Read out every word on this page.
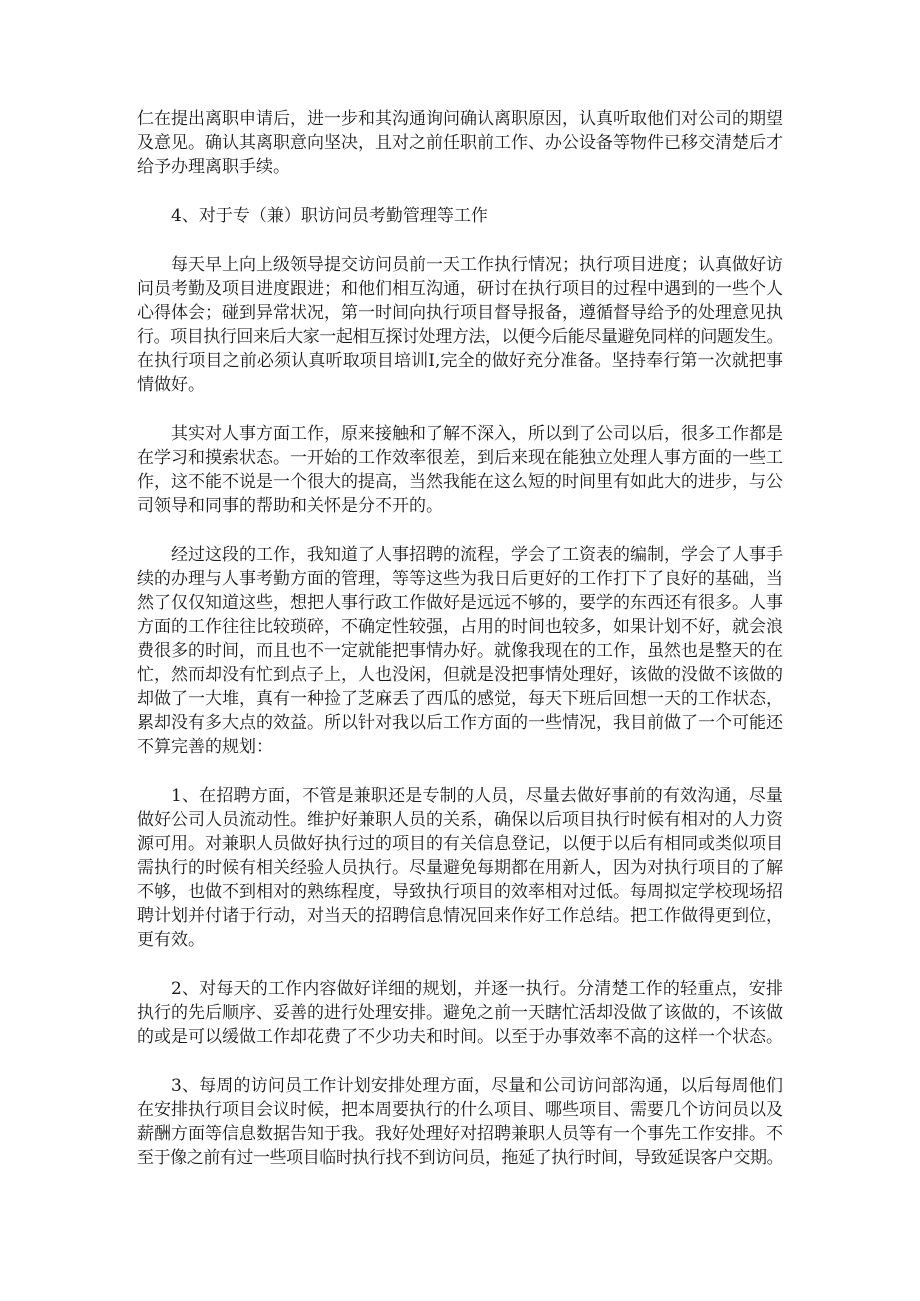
仁在提出离职申请后，进一步和其沟通询问确认离职原因，认真听取他们对公司的期望
及意见。确认其离职意向坚决，且对之前任职前工作、办公设备等物件已移交清楚后才
给予办理离职手续。
4、对于专（兼）职访问员考勤管理等工作
每天早上向上级领导提交访问员前一天工作执行情况；执行项目进度；认真做好访
问员考勤及项目进度跟进；和他们相互沟通，研讨在执行项目的过程中遇到的一些个人
心得体会；碰到异常状况，第一时间向执行项目督导报备，遵循督导给予的处理意见执
行。项目执行回来后大家一起相互探讨处理方法，以便今后能尽量避免同样的问题发生。
在执行项目之前必须认真听取项目培训I,完全的做好充分准备。坚持奉行第一次就把事
情做好。
其实对人事方面工作，原来接触和了解不深入，所以到了公司以后，很多工作都是
在学习和摸索状态。一开始的工作效率很差，到后来现在能独立处理人事方面的一些工
作，这不能不说是一个很大的提高，当然我能在这么短的时间里有如此大的进步，与公
司领导和同事的帮助和关怀是分不开的。
经过这段的工作，我知道了人事招聘的流程，学会了工资表的编制，学会了人事手
续的办理与人事考勤方面的管理，等等这些为我日后更好的工作打下了良好的基础，当
然了仅仅知道这些，想把人事行政工作做好是远远不够的，要学的东西还有很多。人事
方面的工作往往比较琐碎，不确定性较强，占用的时间也较多，如果计划不好，就会浪
费很多的时间，而且也不一定就能把事情办好。就像我现在的工作，虽然也是整天的在
忙，然而却没有忙到点子上，人也没闲，但就是没把事情处理好，该做的没做不该做的
却做了一大堆，真有一种捡了芝麻丢了西瓜的感觉，每天下班后回想一天的工作状态，
累却没有多大点的效益。所以针对我以后工作方面的一些情况，我目前做了一个可能还
不算完善的规划：
1、在招聘方面，不管是兼职还是专制的人员，尽量去做好事前的有效沟通，尽量
做好公司人员流动性。维护好兼职人员的关系，确保以后项目执行时候有相对的人力资
源可用。对兼职人员做好执行过的项目的有关信息登记，以便于以后有相同或类似项目
需执行的时候有相关经验人员执行。尽量避免每期都在用新人，因为对执行项目的了解
不够，也做不到相对的熟练程度，导致执行项目的效率相对过低。每周拟定学校现场招
聘计划并付诸于行动，对当天的招聘信息情况回来作好工作总结。把工作做得更到位，
更有效。
2、对每天的工作内容做好详细的规划，并逐一执行。分清楚工作的轻重点，安排
执行的先后顺序、妥善的进行处理安排。避免之前一天瞎忙活却没做了该做的，不该做
的或是可以缓做工作却花费了不少功夫和时间。以至于办事效率不高的这样一个状态。
3、每周的访问员工作计划安排处理方面，尽量和公司访问部沟通，以后每周他们
在安排执行项目会议时候，把本周要执行的什么项目、哪些项目、需要几个访问员以及
薪酬方面等信息数据告知于我。我好处理好对招聘兼职人员等有一个事先工作安排。不
至于像之前有过一些项目临时执行找不到访问员，拖延了执行时间，导致延误客户交期。
